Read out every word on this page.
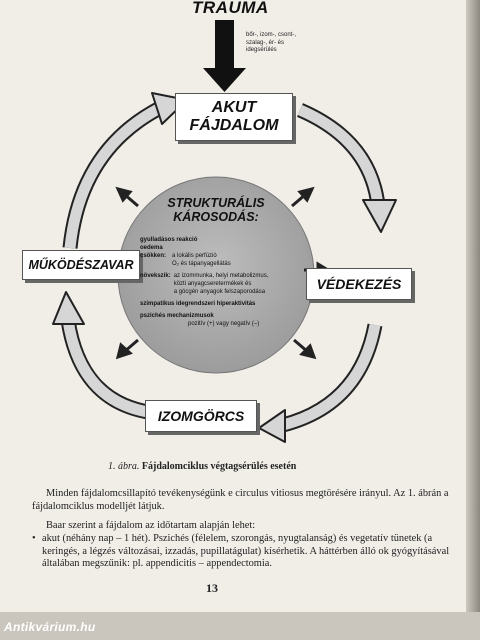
TRAUMA
bőr-, izom-, csont-,
szalag-, ér- és
idegsérülés
AKUT
FÁJDALOM
VÉDEKEZÉS
IZOMGÖRCS
MŰKÖDÉSZAVAR
STRUKTURÁLIS
KÁROSODÁS:
gyulladásos reakció
oedema
csökken: a lokális perfúzió
O₂ és tápanyagellátás
növekszik: az izommunka, helyi metabolizmus,
közti anyagcseretermékek és
a gócgén anyagok felszaporodása
szimpatikus idegrendszeri hiperaktivitás
pszichés mechanizmusok
pozitív (+) vagy negatív (–)
1. ábra. Fájdalomciklus végtagsérülés esetén
Minden fájdalomcsillapító tevékenységünk e circulus vitiosus megtörésére irányul. Az 1. ábrán a fájdalomciklus modelljét látjuk.
Baar szerint a fájdalom az időtartam alapján lehet:
• akut (néhány nap – 1 hét). Pszichés (félelem, szorongás, nyugtalanság) és vegetatív tünetek (a keringés, a légzés változásai, izzadás, pupillatágulat) kísérhetik. A háttérben álló ok gyógyításával általában megszűnik: pl. appendicitis – appendectomia.
13
Antikvárium.hu
